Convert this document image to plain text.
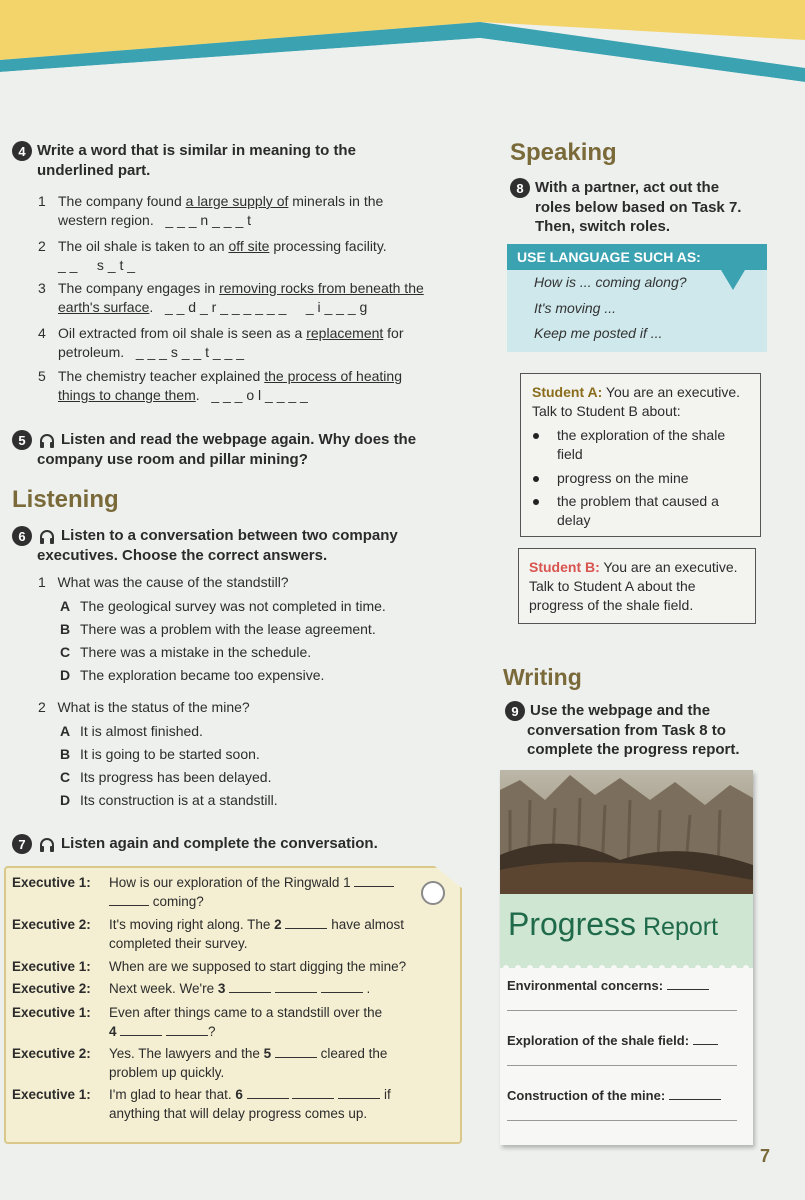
4 Write a word that is similar in meaning to the
underlined part.
1 The company found a large supply of minerals in the
western region. _ _ _ n _ _ _ t
2 The oil shale is taken to an off site processing facility.
_ _     s _ t _
3 The company engages in removing rocks from beneath the
earth's surface.   _ _ d _ r _ _ _ _ _ _     _ i _ _ _ g
4 Oil extracted from oil shale is seen as a replacement for
petroleum. _ _ _ s _ _ t _ _ _
5 The chemistry teacher explained the process of heating
things to change them.   _ _ _ o l _ _ _ _
5 Listen and read the webpage again. Why does the
company use room and pillar mining?
Listening
6 Listen to a conversation between two company
executives. Choose the correct answers.
1 What was the cause of the standstill?
A The geological survey was not completed in time.
B There was a problem with the lease agreement.
C There was a mistake in the schedule.
D The exploration became too expensive.
2 What is the status of the mine?
A It is almost finished.
B It is going to be started soon.
C Its progress has been delayed.
D Its construction is at a standstill.
7 Listen again and complete the conversation.
Executive 1:	How is our exploration of the Ringwald 1
coming?
Executive 2:	It's moving right along. The 2	have almost
completed their survey.
Executive 1:	When are we supposed to start digging the mine?
Executive 2:	Next week. We're 3	.
Executive 1:	Even after things came to a standstill over the
4	?
Executive 2:	Yes. The lawyers and the 5	cleared the
problem up quickly.
Executive 1:	I'm glad to hear that. 6	if
anything that will delay progress comes up.
Speaking
8 With a partner, act out the
roles below based on Task 7.
Then, switch roles.
USE LANGUAGE SUCH AS:
How is ... coming along?
It's moving ...
Keep me posted if ...

Student A: You are an executive.
Talk to Student B about:

the exploration of the shale
field
progress on the mine
the problem that caused a
delay

Student B: You are an executive.
Talk to Student A about the
progress of the shale field.

Writing
9 Use the webpage and the
conversation from Task 8 to
complete the progress report.
Progress Report
Environmental concerns:
Exploration of the shale field:
Construction of the mine:
7
